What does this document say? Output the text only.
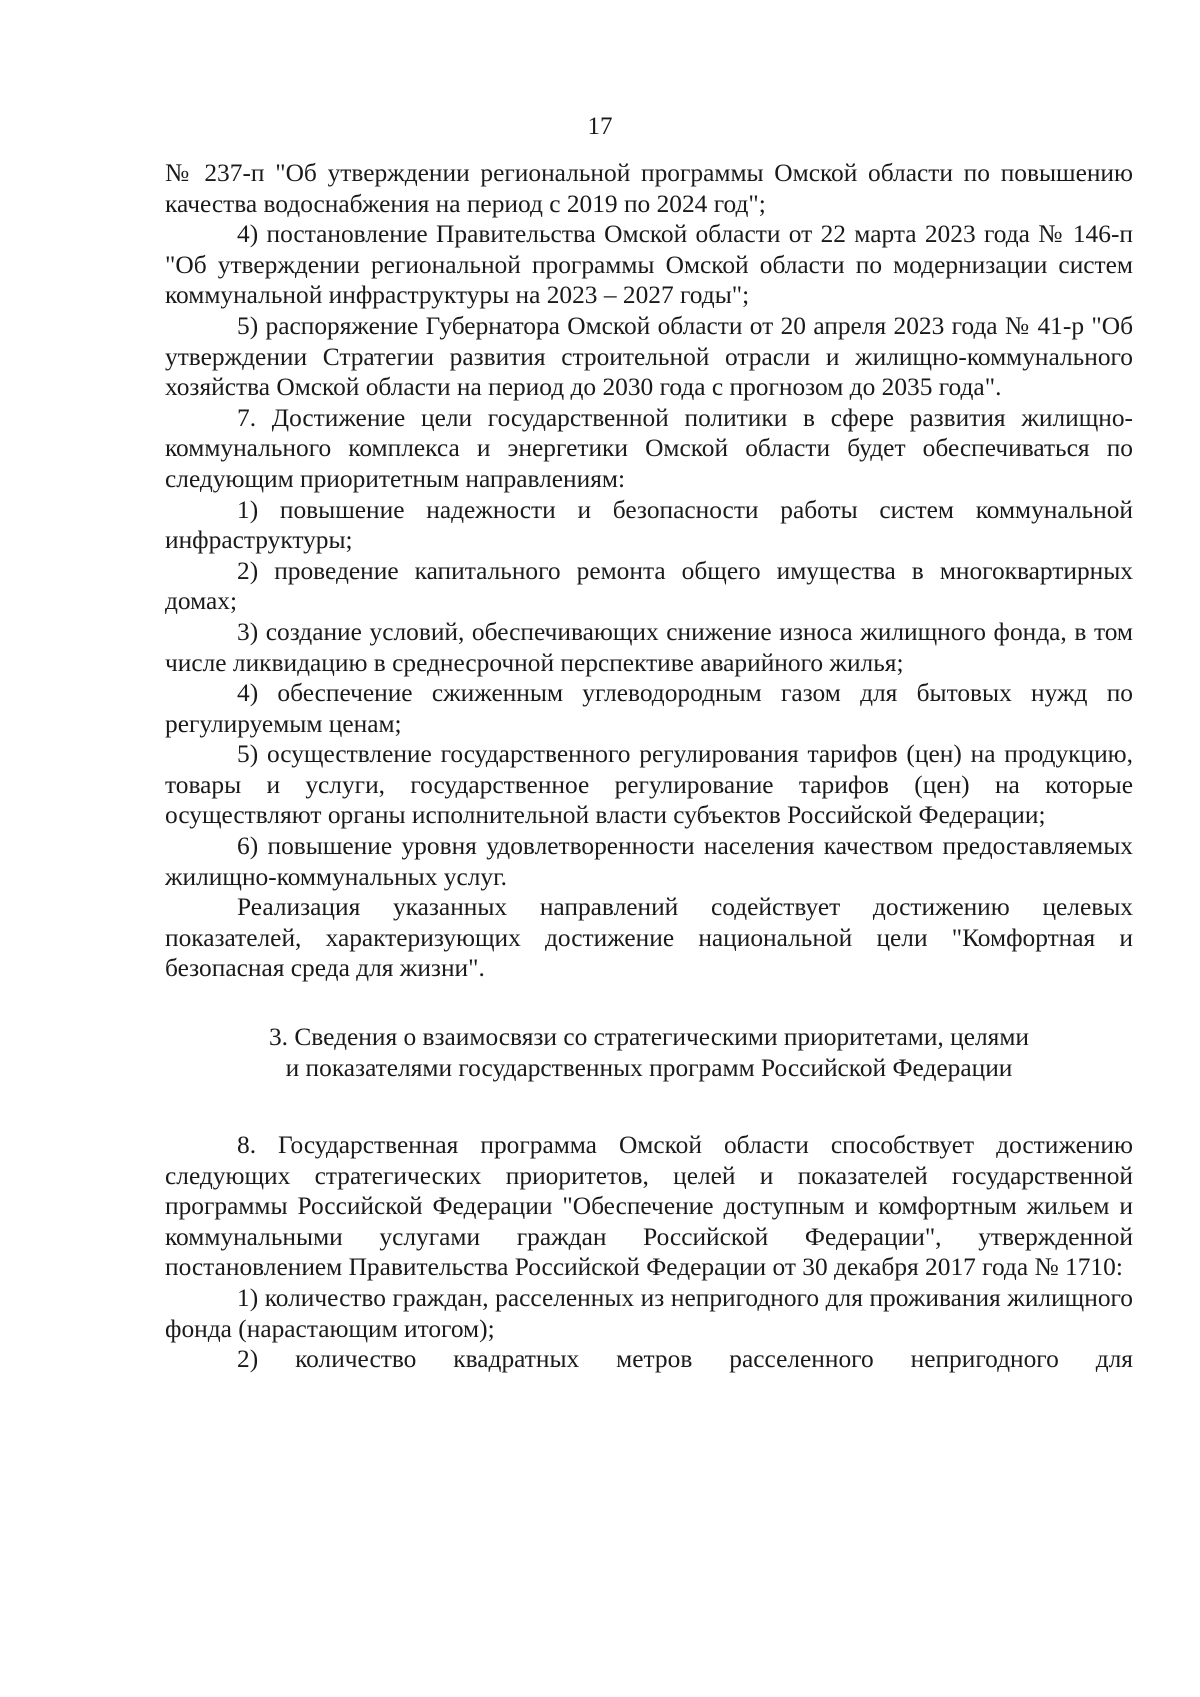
17

№ 237-п "Об утверждении региональной программы Омской области по повышению качества водоснабжения на период с 2019 по 2024 год";

4) постановление Правительства Омской области от 22 марта 2023 года № 146-п "Об утверждении региональной программы Омской области по модернизации систем коммунальной инфраструктуры на 2023 – 2027 годы";

5) распоряжение Губернатора Омской области от 20 апреля 2023 года № 41-р "Об утверждении Стратегии развития строительной отрасли и жилищно-коммунального хозяйства Омской области на период до 2030 года с прогнозом до 2035 года".

7. Достижение цели государственной политики в сфере развития жилищно-коммунального комплекса и энергетики Омской области будет обеспечиваться по следующим приоритетным направлениям:

1) повышение надежности и безопасности работы систем коммунальной инфраструктуры;

2) проведение капитального ремонта общего имущества в многоквартирных домах;

3) создание условий, обеспечивающих снижение износа жилищного фонда, в том числе ликвидацию в среднесрочной перспективе аварийного жилья;

4) обеспечение сжиженным углеводородным газом для бытовых нужд по регулируемым ценам;

5) осуществление государственного регулирования тарифов (цен) на продукцию, товары и услуги, государственное регулирование тарифов (цен) на которые осуществляют органы исполнительной власти субъектов Российской Федерации;

6) повышение уровня удовлетворенности населения качеством предоставляемых жилищно-коммунальных услуг.

Реализация указанных направлений содействует достижению целевых показателей, характеризующих достижение национальной цели "Комфортная и безопасная среда для жизни".

3. Сведения о взаимосвязи со стратегическими приоритетами, целями
и показателями государственных программ Российской Федерации

8. Государственная программа Омской области способствует достижению следующих стратегических приоритетов, целей и показателей государственной программы Российской Федерации "Обеспечение доступным и комфортным жильем и коммунальными услугами граждан Российской Федерации", утвержденной постановлением Правительства Российской Федерации от 30 декабря 2017 года № 1710:

1) количество граждан, расселенных из непригодного для проживания жилищного фонда (нарастающим итогом);

2) количество квадратных метров расселенного непригодного для
